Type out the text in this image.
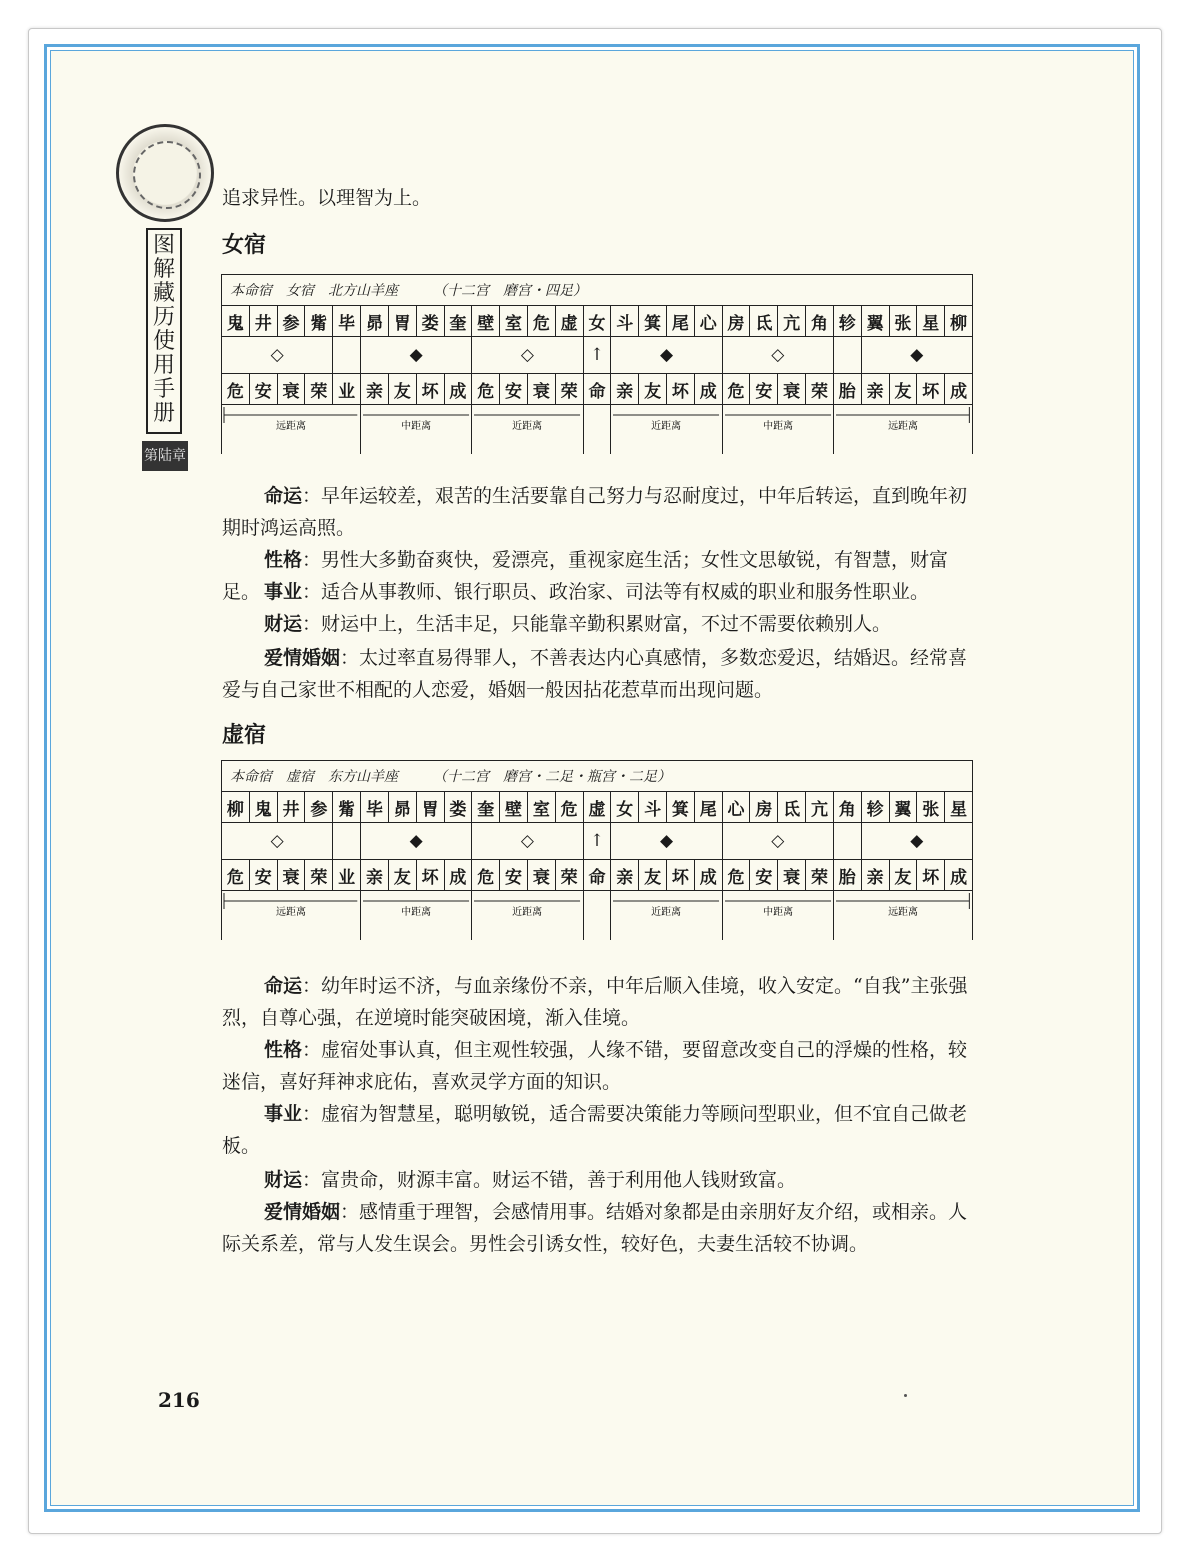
图
解
藏
历
使
用
手
册
第陆章
追求异性。以理智为上。
女宿
本命宿　女宿　北方山羊座　　　（十二宫　磨宫・四足）																										
鬼	井	参	觜	毕	昴	胃	娄	奎	壁	室	危	虚	女	斗	箕	尾	心	房	氐	亢	角	轸	翼	张	星	柳
◇					◆				◇				↑	◆				◇					◆			
危	安	衰	荣	业	亲	友	坏	成	危	安	衰	荣	命	亲	友	坏	成	危	安	衰	荣	胎	亲	友	坏	成

远距离					中距离				近距离					近距离				中距离				远距离				
命运：早年运较差，艰苦的生活要靠自己努力与忍耐度过，中年后转运，直到晚年初期时鸿运高照。
性格：男性大多勤奋爽快，爱漂亮，重视家庭生活；女性文思敏锐，有智慧，财富足。 事业：适合从事教师、银行职员、政治家、司法等有权威的职业和服务性职业。
财运：财运中上，生活丰足，只能靠辛勤积累财富，不过不需要依赖别人。
爱情婚姻：太过率直易得罪人，不善表达内心真感情，多数恋爱迟，结婚迟。经常喜爱与自己家世不相配的人恋爱，婚姻一般因拈花惹草而出现问题。
虚宿
本命宿　虚宿　东方山羊座　　　（十二宫　磨宫・二足・瓶宫・二足）																										
柳	鬼	井	参	觜	毕	昴	胃	娄	奎	壁	室	危	虚	女	斗	箕	尾	心	房	氐	亢	角	轸	翼	张	星
◇					◆				◇				↑	◆				◇					◆			
危	安	衰	荣	业	亲	友	坏	成	危	安	衰	荣	命	亲	友	坏	成	危	安	衰	荣	胎	亲	友	坏	成

远距离					中距离				近距离					近距离				中距离				远距离				
命运：幼年时运不济，与血亲缘份不亲，中年后顺入佳境，收入安定。“自我”主张强烈，自尊心强，在逆境时能突破困境，渐入佳境。
性格：虚宿处事认真，但主观性较强，人缘不错，要留意改变自己的浮燥的性格，较迷信，喜好拜神求庇佑，喜欢灵学方面的知识。
事业：虚宿为智慧星，聪明敏锐，适合需要决策能力等顾问型职业，但不宜自己做老板。
财运：富贵命，财源丰富。财运不错，善于利用他人钱财致富。
爱情婚姻：感情重于理智，会感情用事。结婚对象都是由亲朋好友介绍，或相亲。人际关系差，常与人发生误会。男性会引诱女性，较好色，夫妻生活较不协调。
216
